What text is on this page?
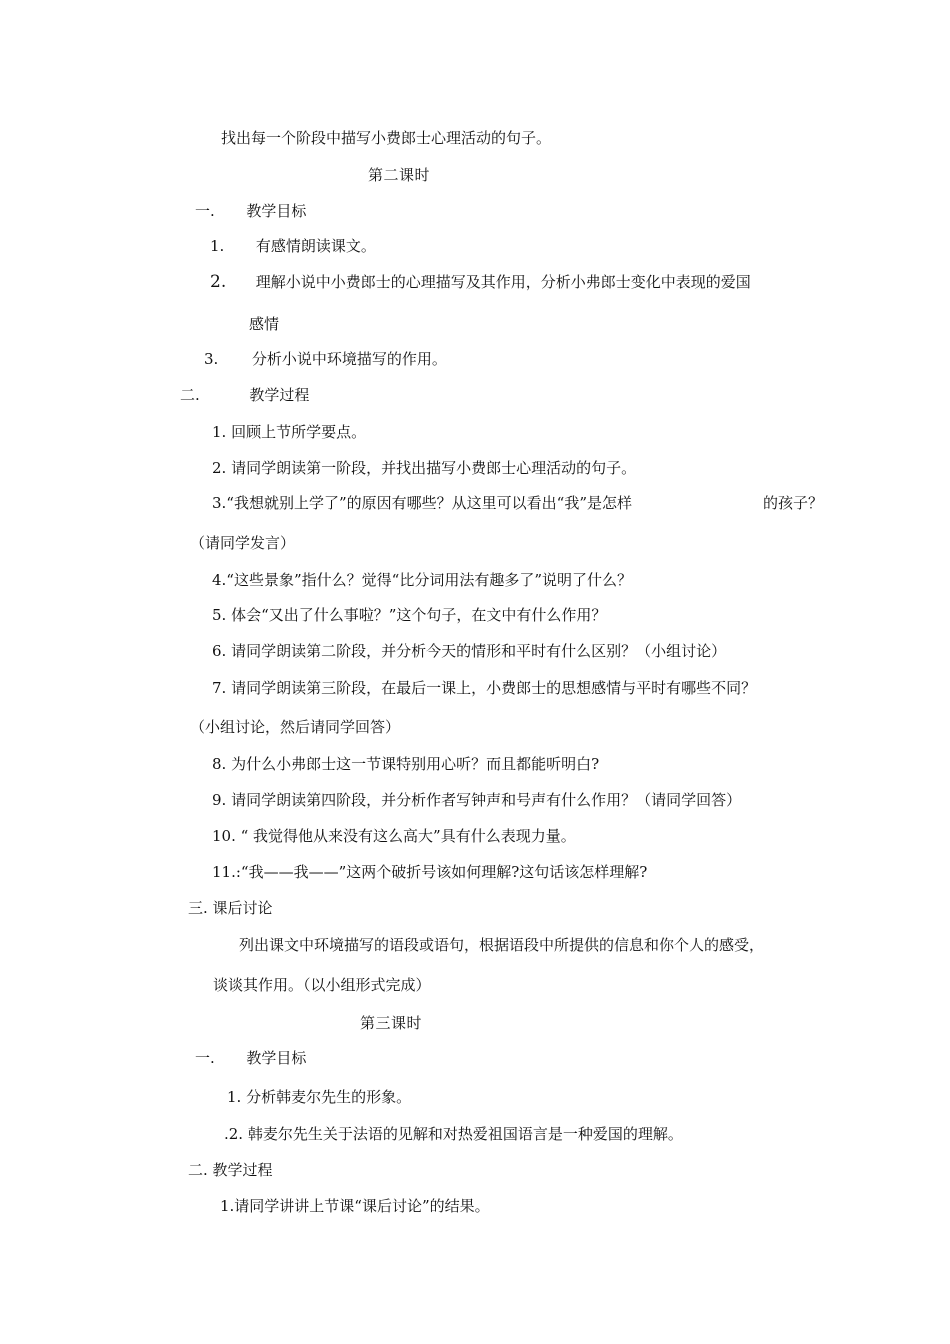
找出每一个阶段中描写小费郎士心理活动的句子。
第二课时
一. 教学目标
1. 有感情朗读课文。
2. 理解小说中小费郎士的心理描写及其作用，分析小弗郎士变化中表现的爱国
感情
3. 分析小说中环境描写的作用。
二.	教学过程
1. 回顾上节所学要点。
2. 请同学朗读第一阶段，并找出描写小费郎士心理活动的句子。
3.“我想就别上学了”的原因有哪些？从这里可以看出“我”是怎样	的孩子？
（请同学发言）
4.“这些景象”指什么？觉得“比分词用法有趣多了”说明了什么？
5. 体会“又出了什么事啦？”这个句子，在文中有什么作用？
6. 请同学朗读第二阶段，并分析今天的情形和平时有什么区别？（小组讨论）
7. 请同学朗读第三阶段，在最后一课上，小费郎士的思想感情与平时有哪些不同？
（小组讨论，然后请同学回答）
8. 为什么小弗郎士这一节课特别用心听？而且都能听明白?
9. 请同学朗读第四阶段，并分析作者写钟声和号声有什么作用？（请同学回答）
10. “ 我觉得他从来没有这么高大”具有什么表现力量。
11.:“我——我——”这两个破折号该如何理解?这句话该怎样理解?
三. 课后讨论
列出课文中环境描写的语段或语句，根据语段中所提供的信息和你个人的感受，
谈谈其作用。（以小组形式完成）
第三课时
一. 教学目标
1. 分析韩麦尔先生的形象。
.2. 韩麦尔先生关于法语的见解和对热爱祖国语言是一种爱国的理解。
二. 教学过程
1.请同学讲讲上节课“课后讨论”的结果。
